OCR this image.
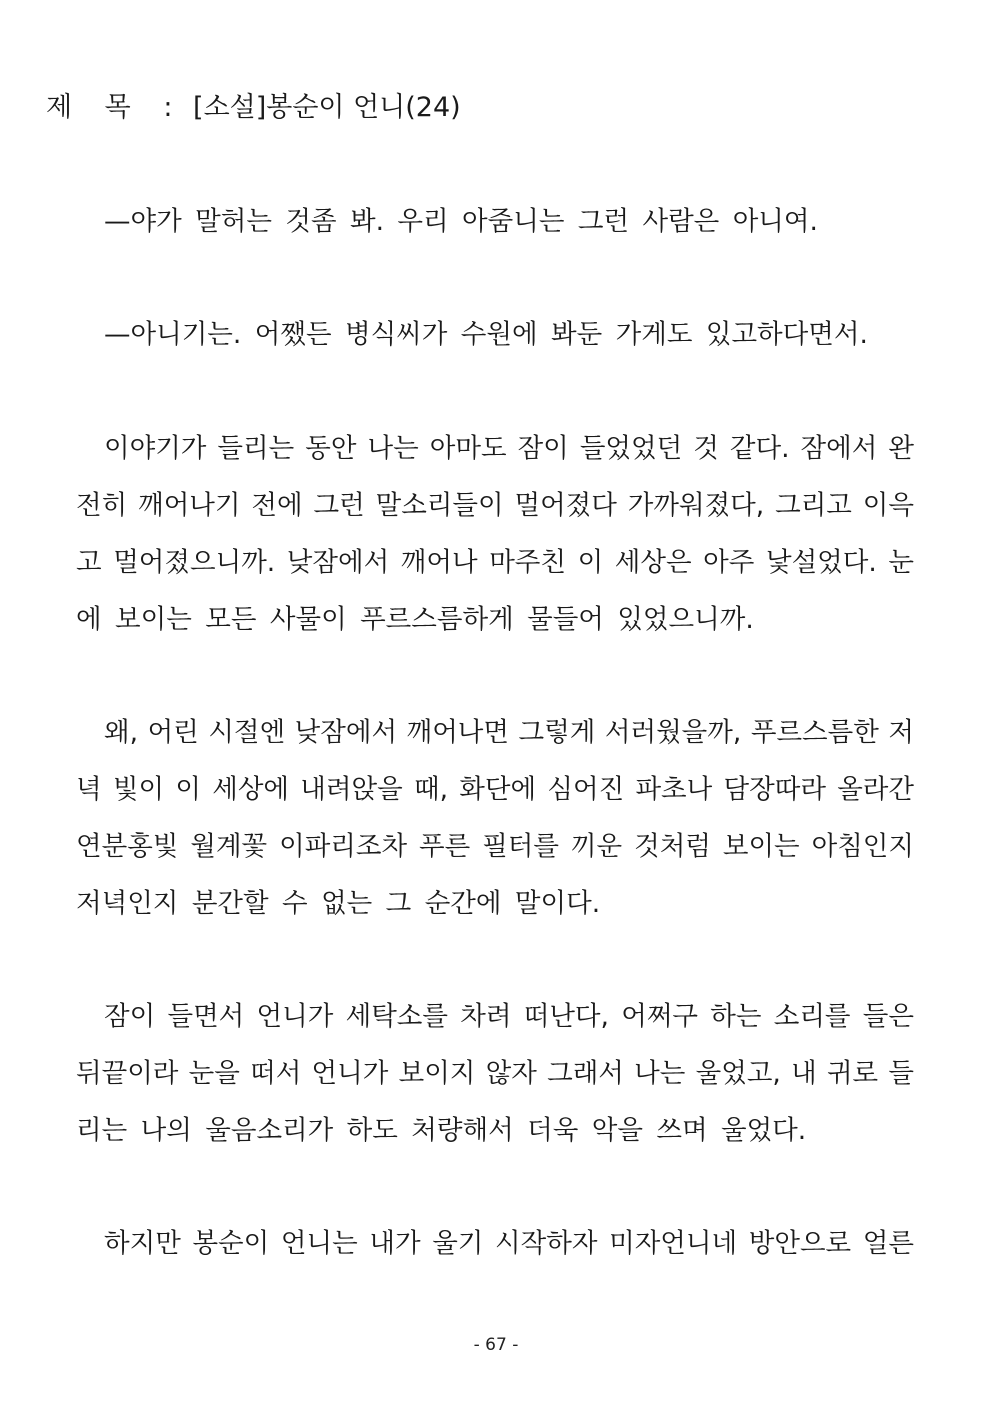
제 목 : [소설]봉순이 언니(24)
—야가 말허는 것좀 봐. 우리 아줌니는 그런 사람은 아니여.
—아니기는. 어쨌든 병식씨가 수원에 봐둔 가게도 있고하다면서.
이야기가 들리는 동안 나는 아마도 잠이 들었었던 것 같다. 잠에서 완
전히 깨어나기 전에 그런 말소리들이 멀어졌다 가까워졌다, 그리고 이윽
고 멀어졌으니까. 낮잠에서 깨어나 마주친 이 세상은 아주 낯설었다. 눈
에 보이는 모든 사물이 푸르스름하게 물들어 있었으니까.
왜, 어린 시절엔 낮잠에서 깨어나면 그렇게 서러웠을까, 푸르스름한 저
녁 빛이 이 세상에 내려앉을 때, 화단에 심어진 파초나 담장따라 올라간
연분홍빛 월계꽃 이파리조차 푸른 필터를 끼운 것처럼 보이는 아침인지
저녁인지 분간할 수 없는 그 순간에 말이다.
잠이 들면서 언니가 세탁소를 차려 떠난다, 어쩌구 하는 소리를 들은
뒤끝이라 눈을 떠서 언니가 보이지 않자 그래서 나는 울었고, 내 귀로 들
리는 나의 울음소리가 하도 처량해서 더욱 악을 쓰며 울었다.
하지만 봉순이 언니는 내가 울기 시작하자 미자언니네 방안으로 얼른
- 67 -
